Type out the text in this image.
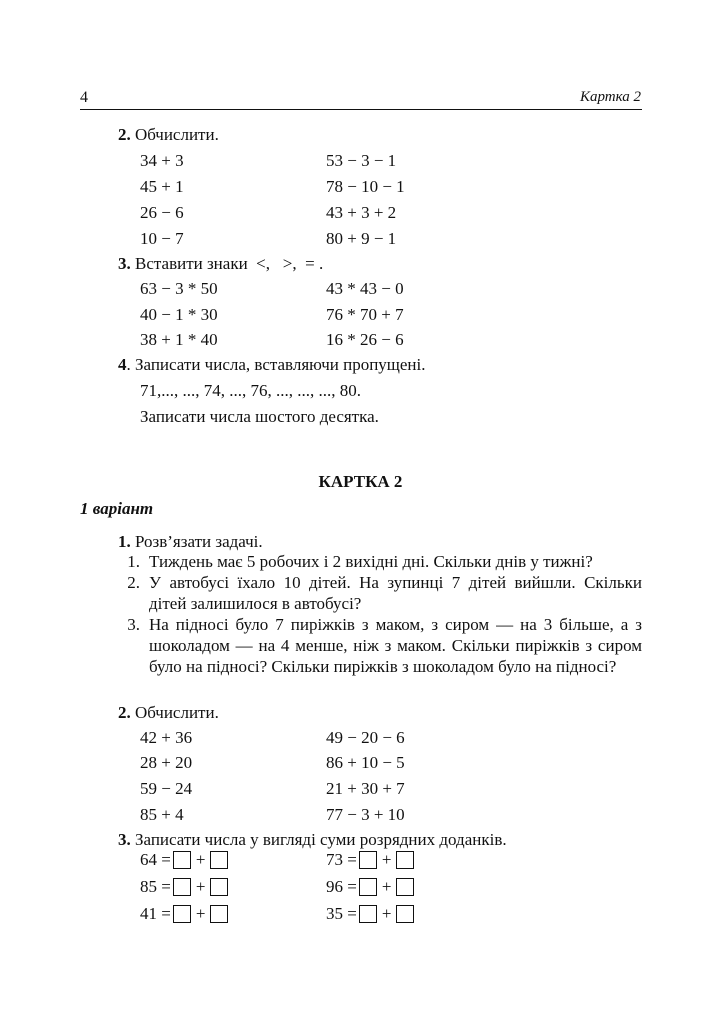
4	Картка 2
2. Обчислити.
34 + 3
45 + 1
26 − 6
10 − 7
53 − 3 − 1
78 − 10 − 1
43 + 3 + 2
80 + 9 − 1
3. Вставити знаки  <,   >,  = .
63 − 3 * 50
40 − 1 * 30
38 + 1 * 40
43 * 43 − 0
76 * 70 + 7
16 * 26 − 6
4. Записати числа, вставляючи пропущені.
71,..., ..., 74, ..., 76, ..., ..., ..., 80.
Записати числа шостого десятка.
КАРТКА 2
1 варіант
1. Розв’язати задачі.
1. Тиждень має 5 робочих і 2 вихідні дні. Скільки днів у тижні?
2. У автобусі їхало 10 дітей. На зупинці 7 дітей вийшли. Скільки дітей залишилося в автобусі?
3. На підносі було 7 пиріжків з маком, з сиром — на 3 більше, а з шоколадом — на 4 менше, ніж з маком. Скільки пиріжків з сиром було на підносі? Скільки пиріжків з шоколадом було на підносі?
2. Обчислити.
42 + 36
28 + 20
59 − 24
85 + 4
49 − 20 − 6
86 + 10 − 5
21 + 30 + 7
77 − 3 + 10
3. Записати числа у вигляді суми розрядних доданків.
64 = +
85 = +
41 = +
73 = +
96 = +
35 = +
